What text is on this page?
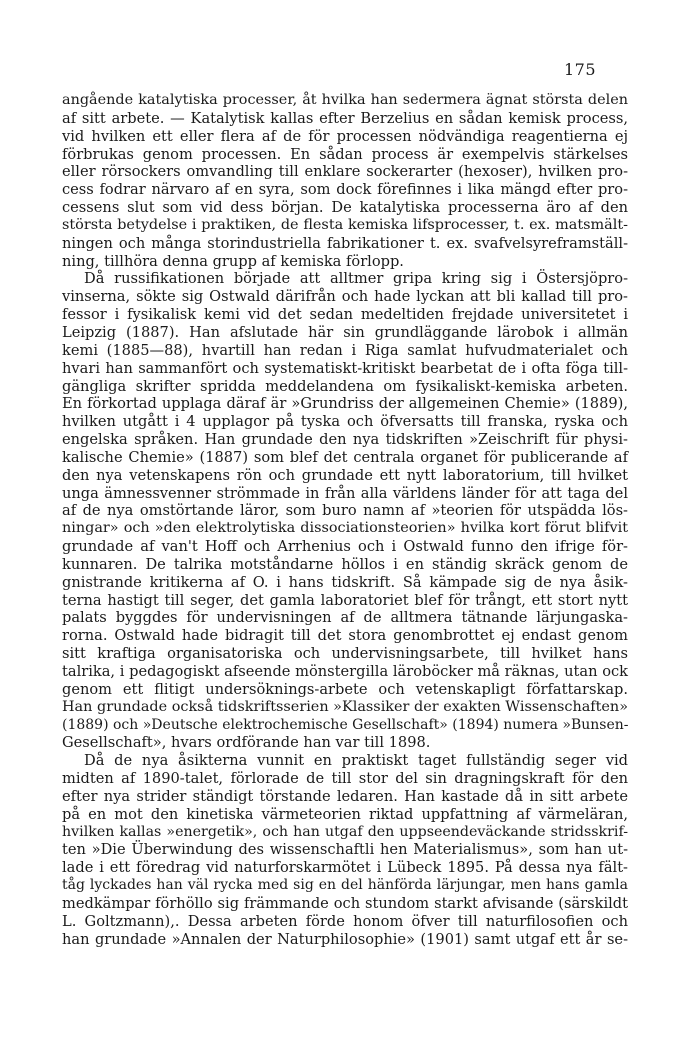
175
angående katalytiska processer, åt hvilka han sedermera ägnat största delen
af sitt arbete. — Katalytisk kallas efter Berzelius en sådan kemisk process,
vid hvilken ett eller flera af de för processen nödvändiga reagentierna ej
förbrukas genom processen. En sådan process är exempelvis stärkelses
eller rörsockers omvandling till enklare sockerarter (hexoser), hvilken pro-
cess fodrar närvaro af en syra, som dock förefinnes i lika mängd efter pro-
cessens slut som vid dess början. De katalytiska processerna äro af den
största betydelse i praktiken, de flesta kemiska lifsprocesser, t. ex. matsmält-
ningen och många storindustriella fabrikationer t. ex. svafvelsyreframställ-
ning, tillhöra denna grupp af kemiska förlopp.
Då russifikationen började att alltmer gripa kring sig i Östersjöpro-
vinserna, sökte sig Ostwald därifrån och hade lyckan att bli kallad till pro-
fessor i fysikalisk kemi vid det sedan medeltiden frejdade universitetet i
Leipzig (1887). Han afslutade här sin grundläggande lärobok i allmän
kemi (1885—88), hvartill han redan i Riga samlat hufvudmaterialet och
hvari han sammanfört och systematiskt-kritiskt bearbetat de i ofta föga till-
gängliga skrifter spridda meddelandena om fysikaliskt-kemiska arbeten.
En förkortad upplaga däraf är »Grundriss der allgemeinen Chemie» (1889),
hvilken utgått i 4 upplagor på tyska och öfversatts till franska, ryska och
engelska språken. Han grundade den nya tidskriften »Zeischrift für physi-
kalische Chemie» (1887) som blef det centrala organet för publicerande af
den nya vetenskapens rön och grundade ett nytt laboratorium, till hvilket
unga ämnessvenner strömmade in från alla världens länder för att taga del
af de nya omstörtande läror, som buro namn af »teorien för utspädda lös-
ningar» och »den elektrolytiska dissociationsteorien» hvilka kort förut blifvit
grundade af van't Hoff och Arrhenius och i Ostwald funno den ifrige för-
kunnaren. De talrika motståndarne höllos i en ständig skräck genom de
gnistrande kritikerna af O. i hans tidskrift. Så kämpade sig de nya åsik-
terna hastigt till seger, det gamla laboratoriet blef för trångt, ett stort nytt
palats byggdes för undervisningen af de alltmera tätnande lärjungaska-
rorna. Ostwald hade bidragit till det stora genombrottet ej endast genom
sitt kraftiga organisatoriska och undervisningsarbete, till hvilket hans
talrika, i pedagogiskt afseende mönstergilla läroböcker må räknas, utan ock
genom ett flitigt undersöknings-arbete och vetenskapligt författarskap.
Han grundade också tidskriftsserien »Klassiker der exakten Wissenschaften»
(1889) och »Deutsche elektrochemische Gesellschaft» (1894) numera »Bunsen-
Gesellschaft», hvars ordförande han var till 1898.
Då de nya åsikterna vunnit en praktiskt taget fullständig seger vid
midten af 1890-talet, förlorade de till stor del sin dragningskraft för den
efter nya strider ständigt törstande ledaren. Han kastade då in sitt arbete
på en mot den kinetiska värmeteorien riktad uppfattning af värmeläran,
hvilken kallas »energetik», och han utgaf den uppseendeväckande stridsskrif-
ten »Die Überwindung des wissenschaftli hen Materialismus», som han ut-
lade i ett föredrag vid naturforskarmötet i Lübeck 1895. På dessa nya fält-
tåg lyckades han väl rycka med sig en del hänförda lärjungar, men hans gamla
medkämpar förhöllo sig främmande och stundom starkt afvisande (särskildt
L. Goltzmann),. Dessa arbeten förde honom öfver till naturfilosofien och
han grundade »Annalen der Naturphilosophie» (1901) samt utgaf ett år se-
